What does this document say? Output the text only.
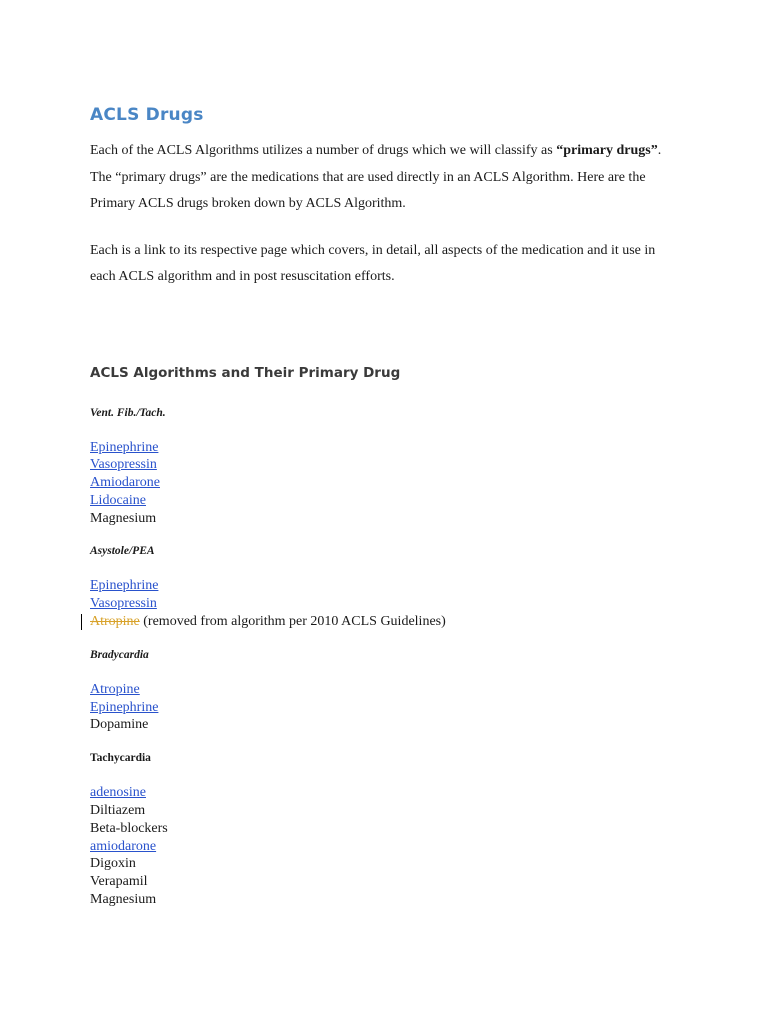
ACLS Drugs

Each of the ACLS Algorithms utilizes a number of drugs which we will classify as “primary drugs”. The “primary drugs” are the medications that are used directly in an ACLS Algorithm. Here are the Primary ACLS drugs broken down by ACLS Algorithm.

Each is a link to its respective page which covers, in detail, all aspects of the medication and it use in each ACLS algorithm and in post resuscitation efforts.

ACLS Algorithms and Their Primary Drug
Vent. Fib./Tach.
Epinephrine
Vasopressin
Amiodarone
Lidocaine
Magnesium
Asystole/PEA
Epinephrine
Vasopressin
Atropine (removed from algorithm per 2010 ACLS Guidelines)
Bradycardia
Atropine
Epinephrine
Dopamine
Tachycardia
adenosine
Diltiazem
Beta-blockers
amiodarone
Digoxin
Verapamil
Magnesium
